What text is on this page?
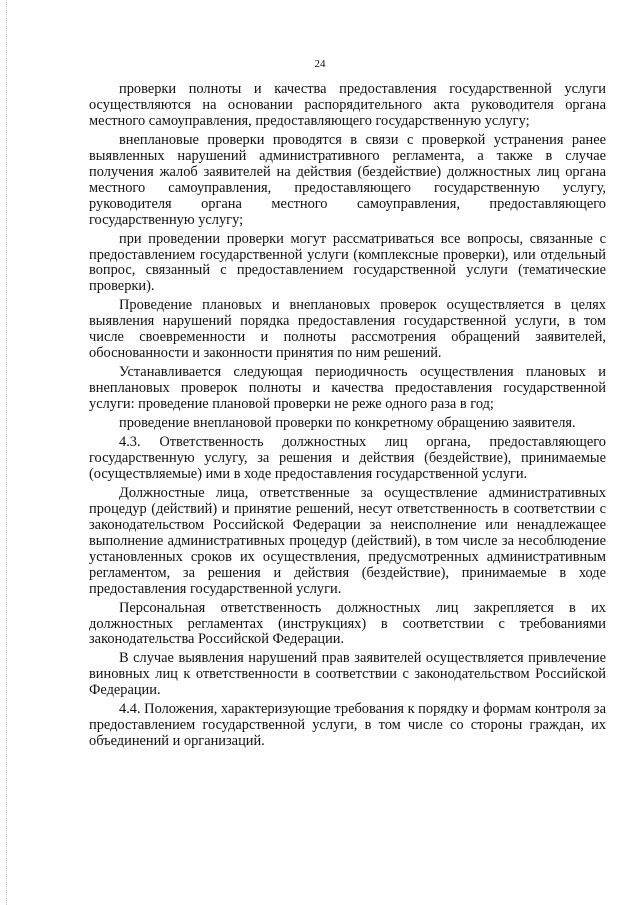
24

проверки полноты и качества предоставления государственной услуги осуществляются на основании распорядительного акта руководителя органа местного самоуправления, предоставляющего государственную услугу;

внеплановые проверки проводятся в связи с проверкой устранения ранее выявленных нарушений административного регламента, а также в случае получения жалоб заявителей на действия (бездействие) должностных лиц органа местного самоуправления, предоставляющего государственную услугу, руководителя органа местного самоуправления, предоставляющего государственную услугу;

при проведении проверки могут рассматриваться все вопросы, связанные с предоставлением государственной услуги (комплексные проверки), или отдельный вопрос, связанный с предоставлением государственной услуги (тематические проверки).

Проведение плановых и внеплановых проверок осуществляется в целях выявления нарушений порядка предоставления государственной услуги, в том числе своевременности и полноты рассмотрения обращений заявителей, обоснованности и законности принятия по ним решений.

Устанавливается следующая периодичность осуществления плановых и внеплановых проверок полноты и качества предоставления государственной услуги: проведение плановой проверки не реже одного раза в год;

проведение внеплановой проверки по конкретному обращению заявителя.

4.3. Ответственность должностных лиц органа, предоставляющего государственную услугу, за решения и действия (бездействие), принимаемые (осуществляемые) ими в ходе предоставления государственной услуги.

Должностные лица, ответственные за осуществление административных процедур (действий) и принятие решений, несут ответственность в соответствии с законодательством Российской Федерации за неисполнение или ненадлежащее выполнение административных процедур (действий), в том числе за несоблюдение установленных сроков их осуществления, предусмотренных административным регламентом, за решения и действия (бездействие), принимаемые в ходе предоставления государственной услуги.

Персональная ответственность должностных лиц закрепляется в их должностных регламентах (инструкциях) в соответствии с требованиями законодательства Российской Федерации.

В случае выявления нарушений прав заявителей осуществляется привлечение виновных лиц к ответственности в соответствии с законодательством Российской Федерации.

4.4. Положения, характеризующие требования к порядку и формам контроля за предоставлением государственной услуги, в том числе со стороны граждан, их объединений и организаций.
